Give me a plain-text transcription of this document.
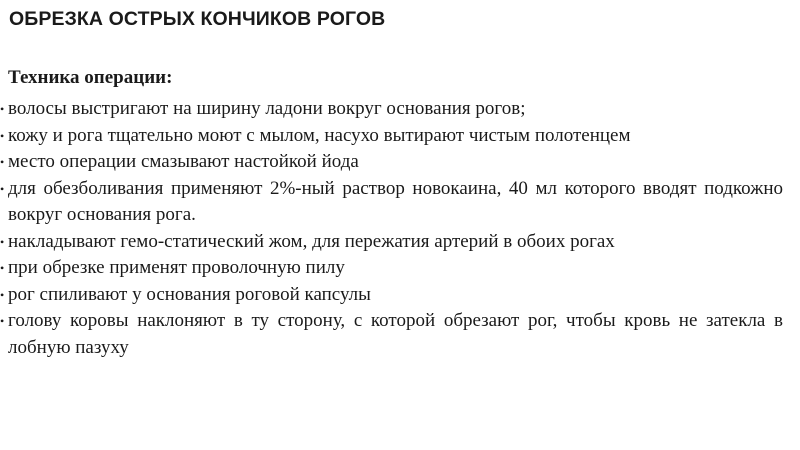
ОБРЕЗКА ОСТРЫХ КОНЧИКОВ РОГОВ
Техника операции:
• волосы выстригают на ширину ладони вокруг основания рогов;
• кожу и рога тщательно моют с мылом, насухо вытирают чистым полотенцем
• место операции смазывают настойкой йода
• для обезболивания применяют 2%-ный раствор новокаина, 40 мл которого вводят подкожно вокруг основания рога.
• накладывают гемо-статический жом, для пережатия артерий в обоих рогах
• при обрезке применят проволочную пилу
• рог спиливают у основания роговой капсулы
• голову коровы наклоняют в ту сторону, с которой обрезают рог, чтобы кровь не затекла в лобную пазуху
